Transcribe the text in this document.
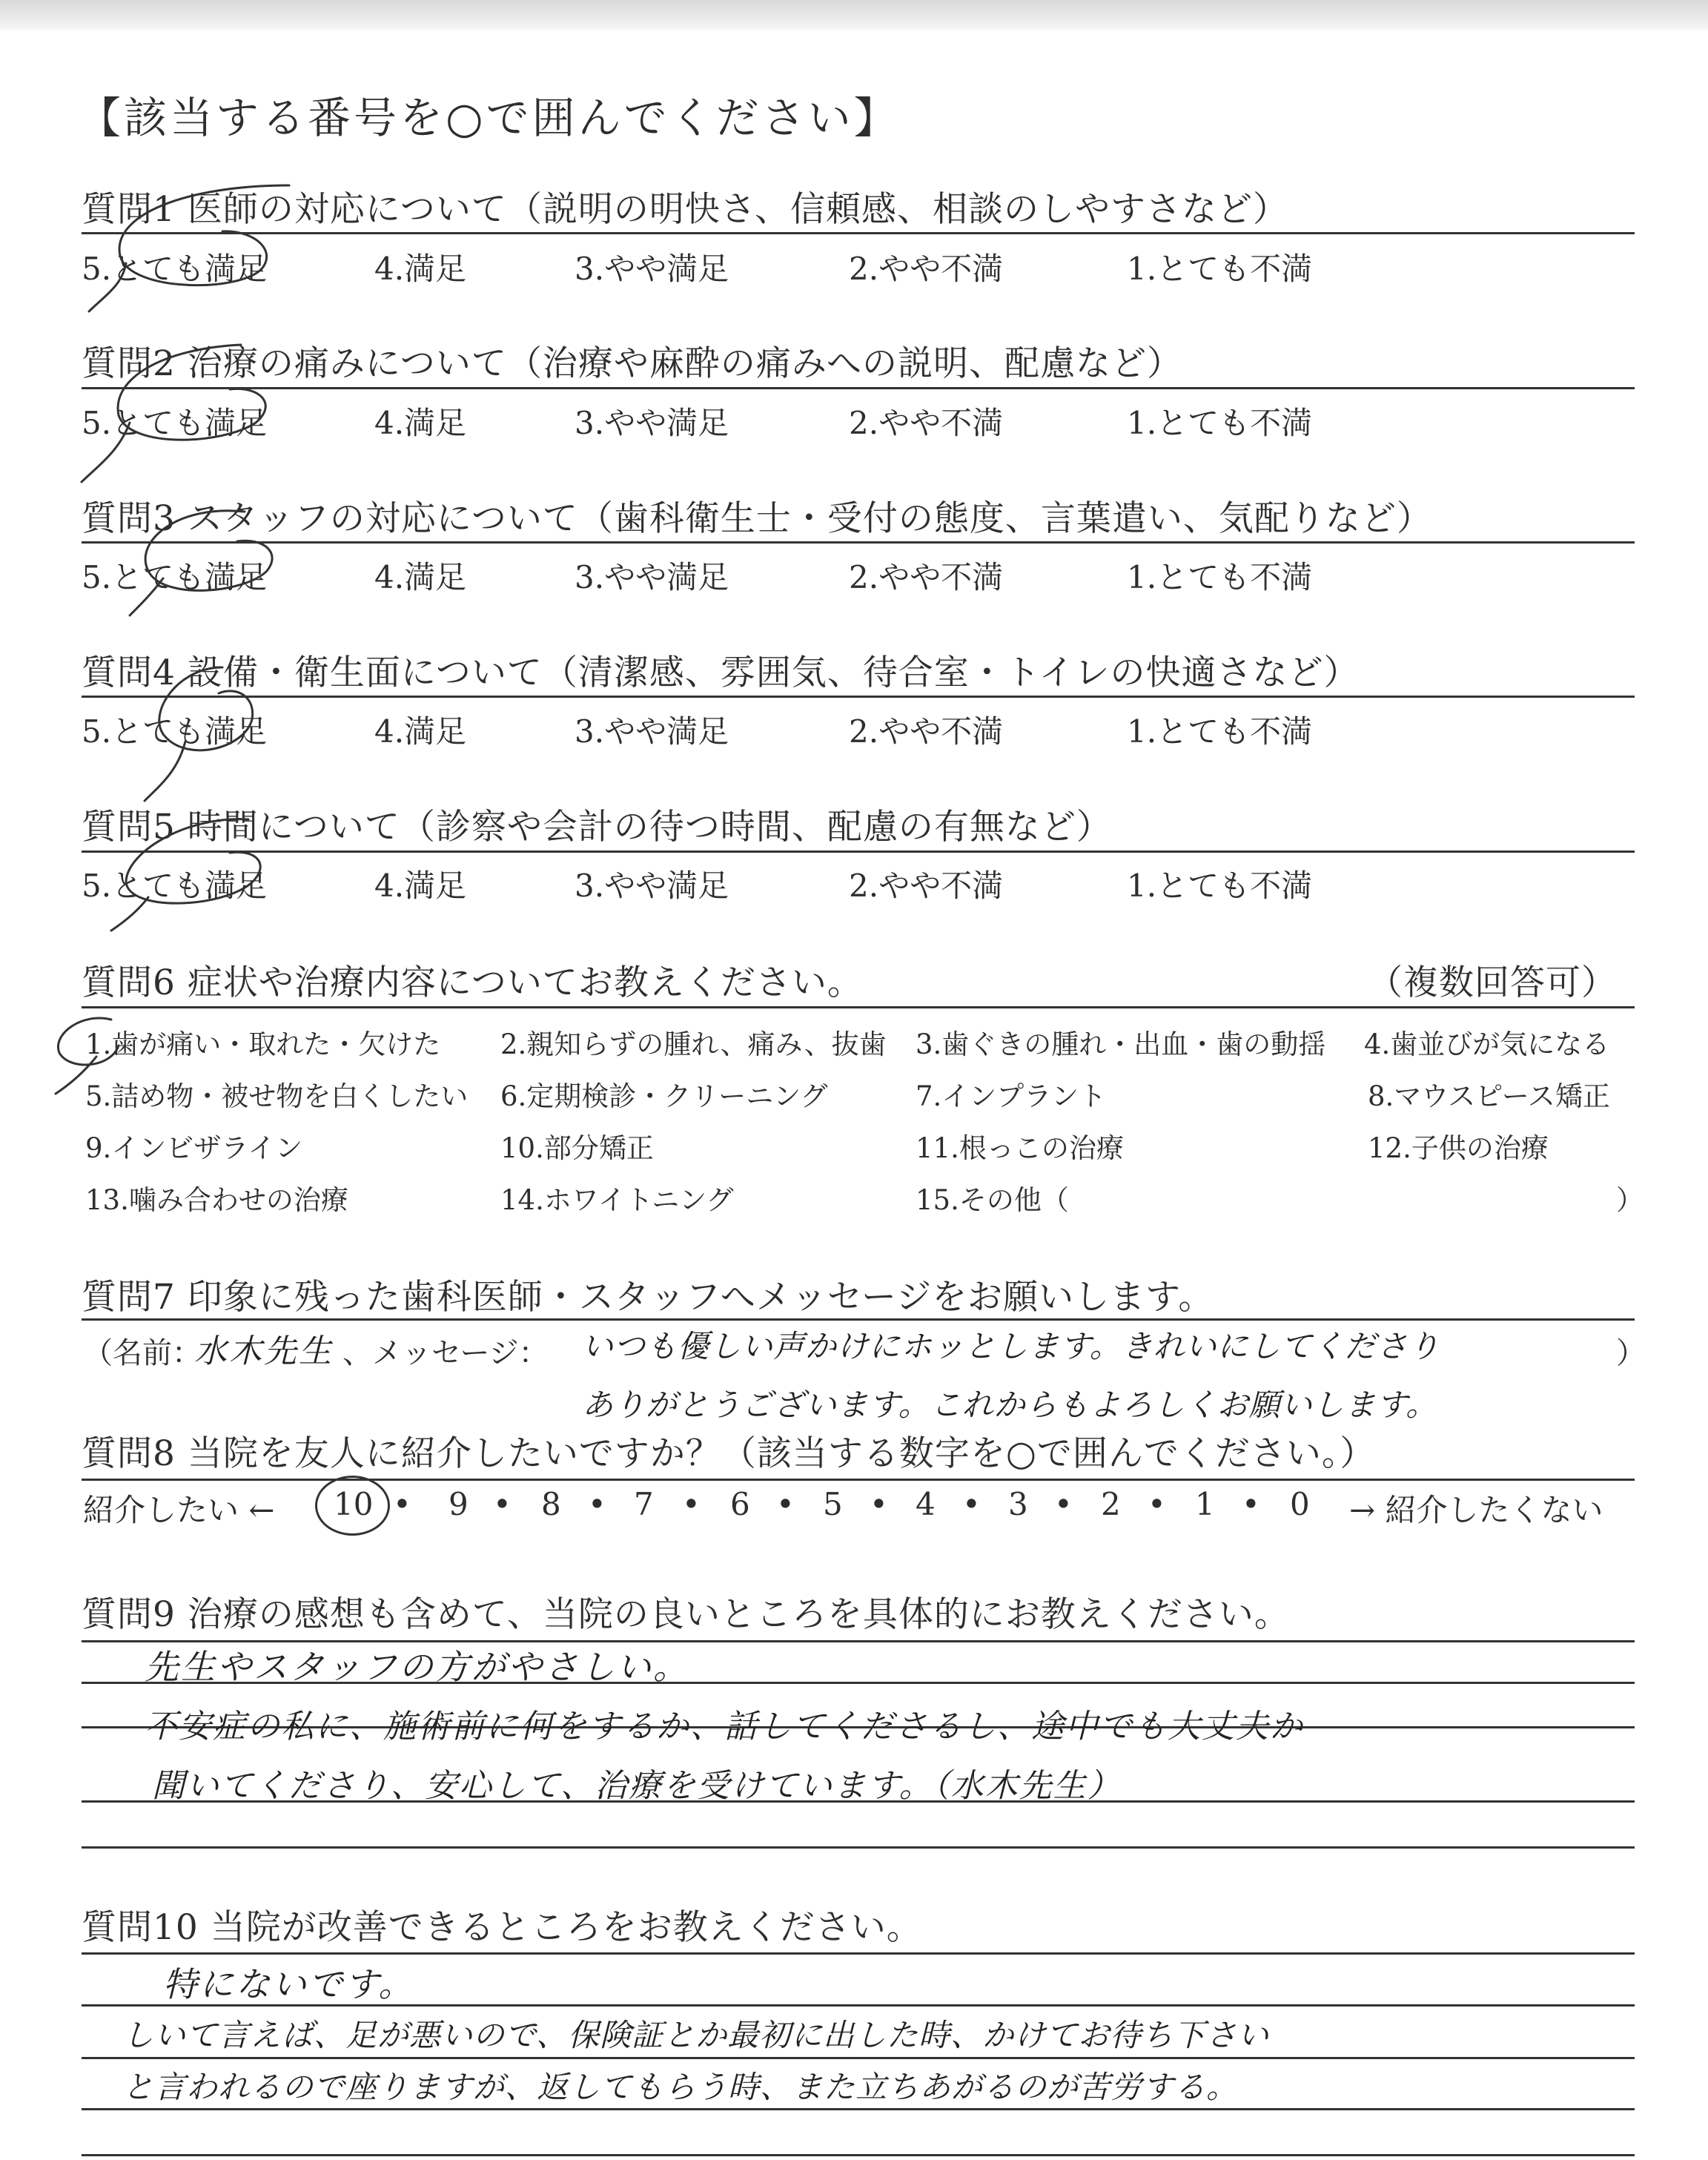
【該当する番号を○で囲んでください】
質問1 医師の対応について（説明の明快さ、信頼感、相談のしやすさなど）
5.とても満足	4.満足	3.やや満足	2.やや不満	1.とても不満
質問2 治療の痛みについて（治療や麻酔の痛みへの説明、配慮など）
5.とても満足	4.満足	3.やや満足	2.やや不満	1.とても不満
質問3 スタッフの対応について（歯科衛生士・受付の態度、言葉遣い、気配りなど）
5.とても満足	4.満足	3.やや満足	2.やや不満	1.とても不満
質問4 設備・衛生面について（清潔感、雰囲気、待合室・トイレの快適さなど）
5.とても満足	4.満足	3.やや満足	2.やや不満	1.とても不満
質問5 時間について（診察や会計の待つ時間、配慮の有無など）
5.とても満足	4.満足	3.やや満足	2.やや不満	1.とても不満
質問6 症状や治療内容についてお教えください。	（複数回答可）
1.歯が痛い・取れた・欠けた 2.親知らずの腫れ、痛み、抜歯 3.歯ぐきの腫れ・出血・歯の動揺 4.歯並びが気になる
5.詰め物・被せ物を白くしたい 6.定期検診・クリーニング	7.インプラント	8.マウスピース矯正
9.インビザライン	10.部分矯正	11.根っこの治療	12.子供の治療
13.噛み合わせの治療	14.ホワイトニング	15.その他（	）
質問7 印象に残った歯科医師・スタッフへメッセージをお願いします。
（名前：
水木先生 、メッセージ： いつも優しい声かけにホッとします。きれいにしてくださり	）
ありがとうございます。これからもよろしくお願いします。
質問8 当院を友人に紹介したいですか？（該当する数字を○で囲んでください。）
紹介したい ← 10 • 9 • 8 • 7 • 6 • 5 • 4 • 3 • 2 • 1 • 0 → 紹介したくない
質問9 治療の感想も含めて、当院の良いところを具体的にお教えください。
先生やスタッフの方がやさしい。
不安症の私に、施術前に何をするか、話してくださるし、途中でも大丈夫か
聞いてくださり、安心して、治療を受けています。（水木先生）
質問10 当院が改善できるところをお教えください。
特にないです。
しいて言えば、足が悪いので、保険証とか最初に出した時、かけてお待ち下さい
と言われるので座りますが、返してもらう時、また立ちあがるのが苦労する。
